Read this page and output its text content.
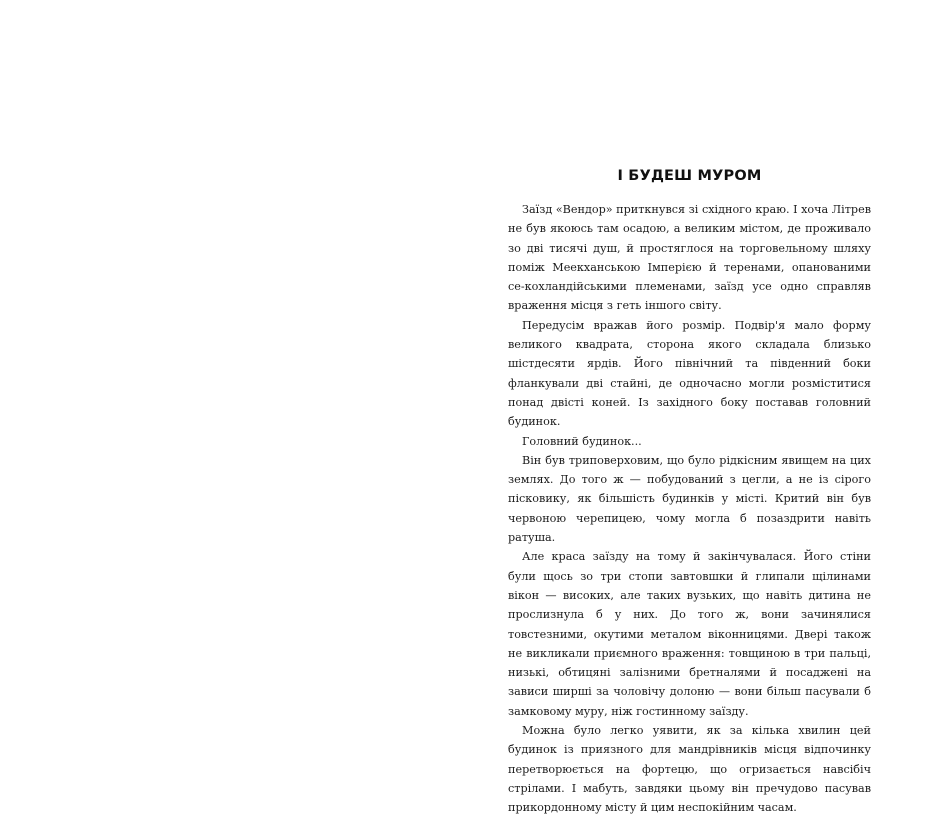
І БУДЕШ МУРОМ

Заїзд «Вендор» приткнувся зі східного краю. І хоча Літрев не був якоюсь там осадою, а великим містом, де проживало зо дві тисячі душ, й простяглося на торговельному шляху поміж Меекханською Імперією й теренами, опанованими се-кохландійськими племенами, заїзд усе одно справляв враження місця з геть іншого світу.

Передусім вражав його розмір. Подвір'я мало форму великого квадрата, сторона якого складала близько шістдесяти ярдів. Його північний та південний боки фланкували дві стайні, де одночасно могли розміститися понад двісті коней. Із західного боку поставав головний будинок.

Головний будинок...

Він був триповерховим, що було рідкісним явищем на цих землях. До того ж — побудований з цегли, а не із сірого пісковику, як більшість будинків у місті. Критий він був червоною черепицею, чому могла б позаздрити навіть ратуша.

Але краса заїзду на тому й закінчувалася. Його стіни були щось зо три стопи завтовшки й глипали щілинами вікон — високих, але таких вузьких, що навіть дитина не прослизнула б у них. До того ж, вони зачинялися товстезними, окутими металом віконницями. Двері також не викликали приємного враження: товщиною в три пальці, низькі, обтицяні залізними бретналями й посаджені на зависи ширші за чоловічу долоню — вони більш пасували б замковому муру, ніж гостинному заїзду.

Можна було легко уявити, як за кілька хвилин цей будинок із приязного для мандрівників місця відпочинку перетворюється на фортецю, що огризається навсібіч стрілами. І мабуть, завдяки цьому він пречудово пасував прикордонному місту й цим неспокійним часам.
